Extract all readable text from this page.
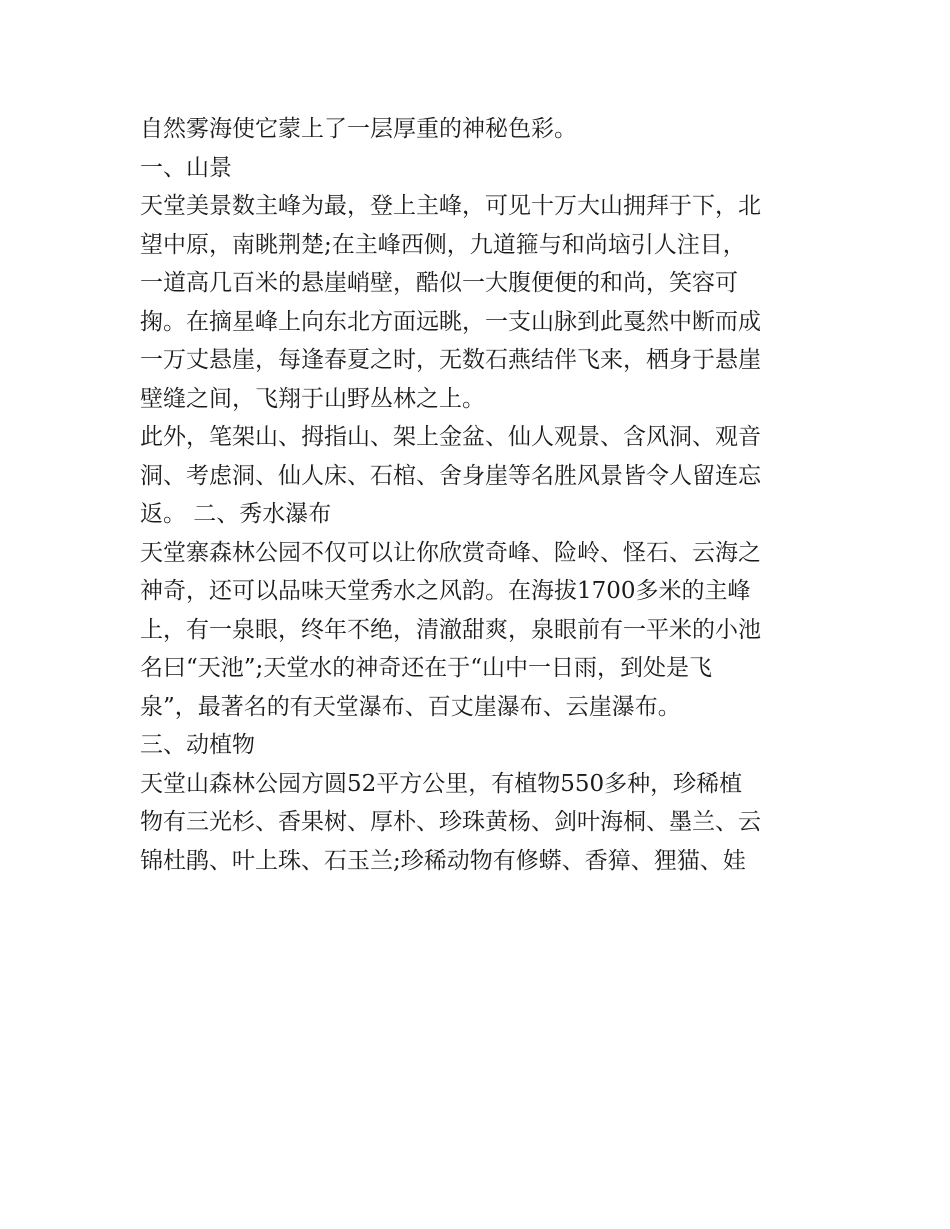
自然雾海使它蒙上了一层厚重的神秘色彩。
一、山景
天堂美景数主峰为最，登上主峰，可见十万大山拥拜于下，北
望中原，南眺荆楚;在主峰西侧，九道箍与和尚垴引人注目，
一道高几百米的悬崖峭壁，酷似一大腹便便的和尚，笑容可
掬。在摘星峰上向东北方面远眺，一支山脉到此戛然中断而成
一万丈悬崖，每逢春夏之时，无数石燕结伴飞来，栖身于悬崖
壁缝之间，飞翔于山野丛林之上。
此外，笔架山、拇指山、架上金盆、仙人观景、含风洞、观音
洞、考虑洞、仙人床、石棺、舍身崖等名胜风景皆令人留连忘
返。 二、秀水瀑布
天堂寨森林公园不仅可以让你欣赏奇峰、险岭、怪石、云海之
神奇，还可以品味天堂秀水之风韵。在海拔1700多米的主峰
上，有一泉眼，终年不绝，清澈甜爽，泉眼前有一平米的小池
名曰“天池”;天堂水的神奇还在于“山中一日雨，到处是飞
泉”，最著名的有天堂瀑布、百丈崖瀑布、云崖瀑布。
三、动植物
天堂山森林公园方圆52平方公里，有植物550多种，珍稀植
物有三光杉、香果树、厚朴、珍珠黄杨、剑叶海桐、墨兰、云
锦杜鹃、叶上珠、石玉兰;珍稀动物有修蟒、香獐、狸猫、娃
